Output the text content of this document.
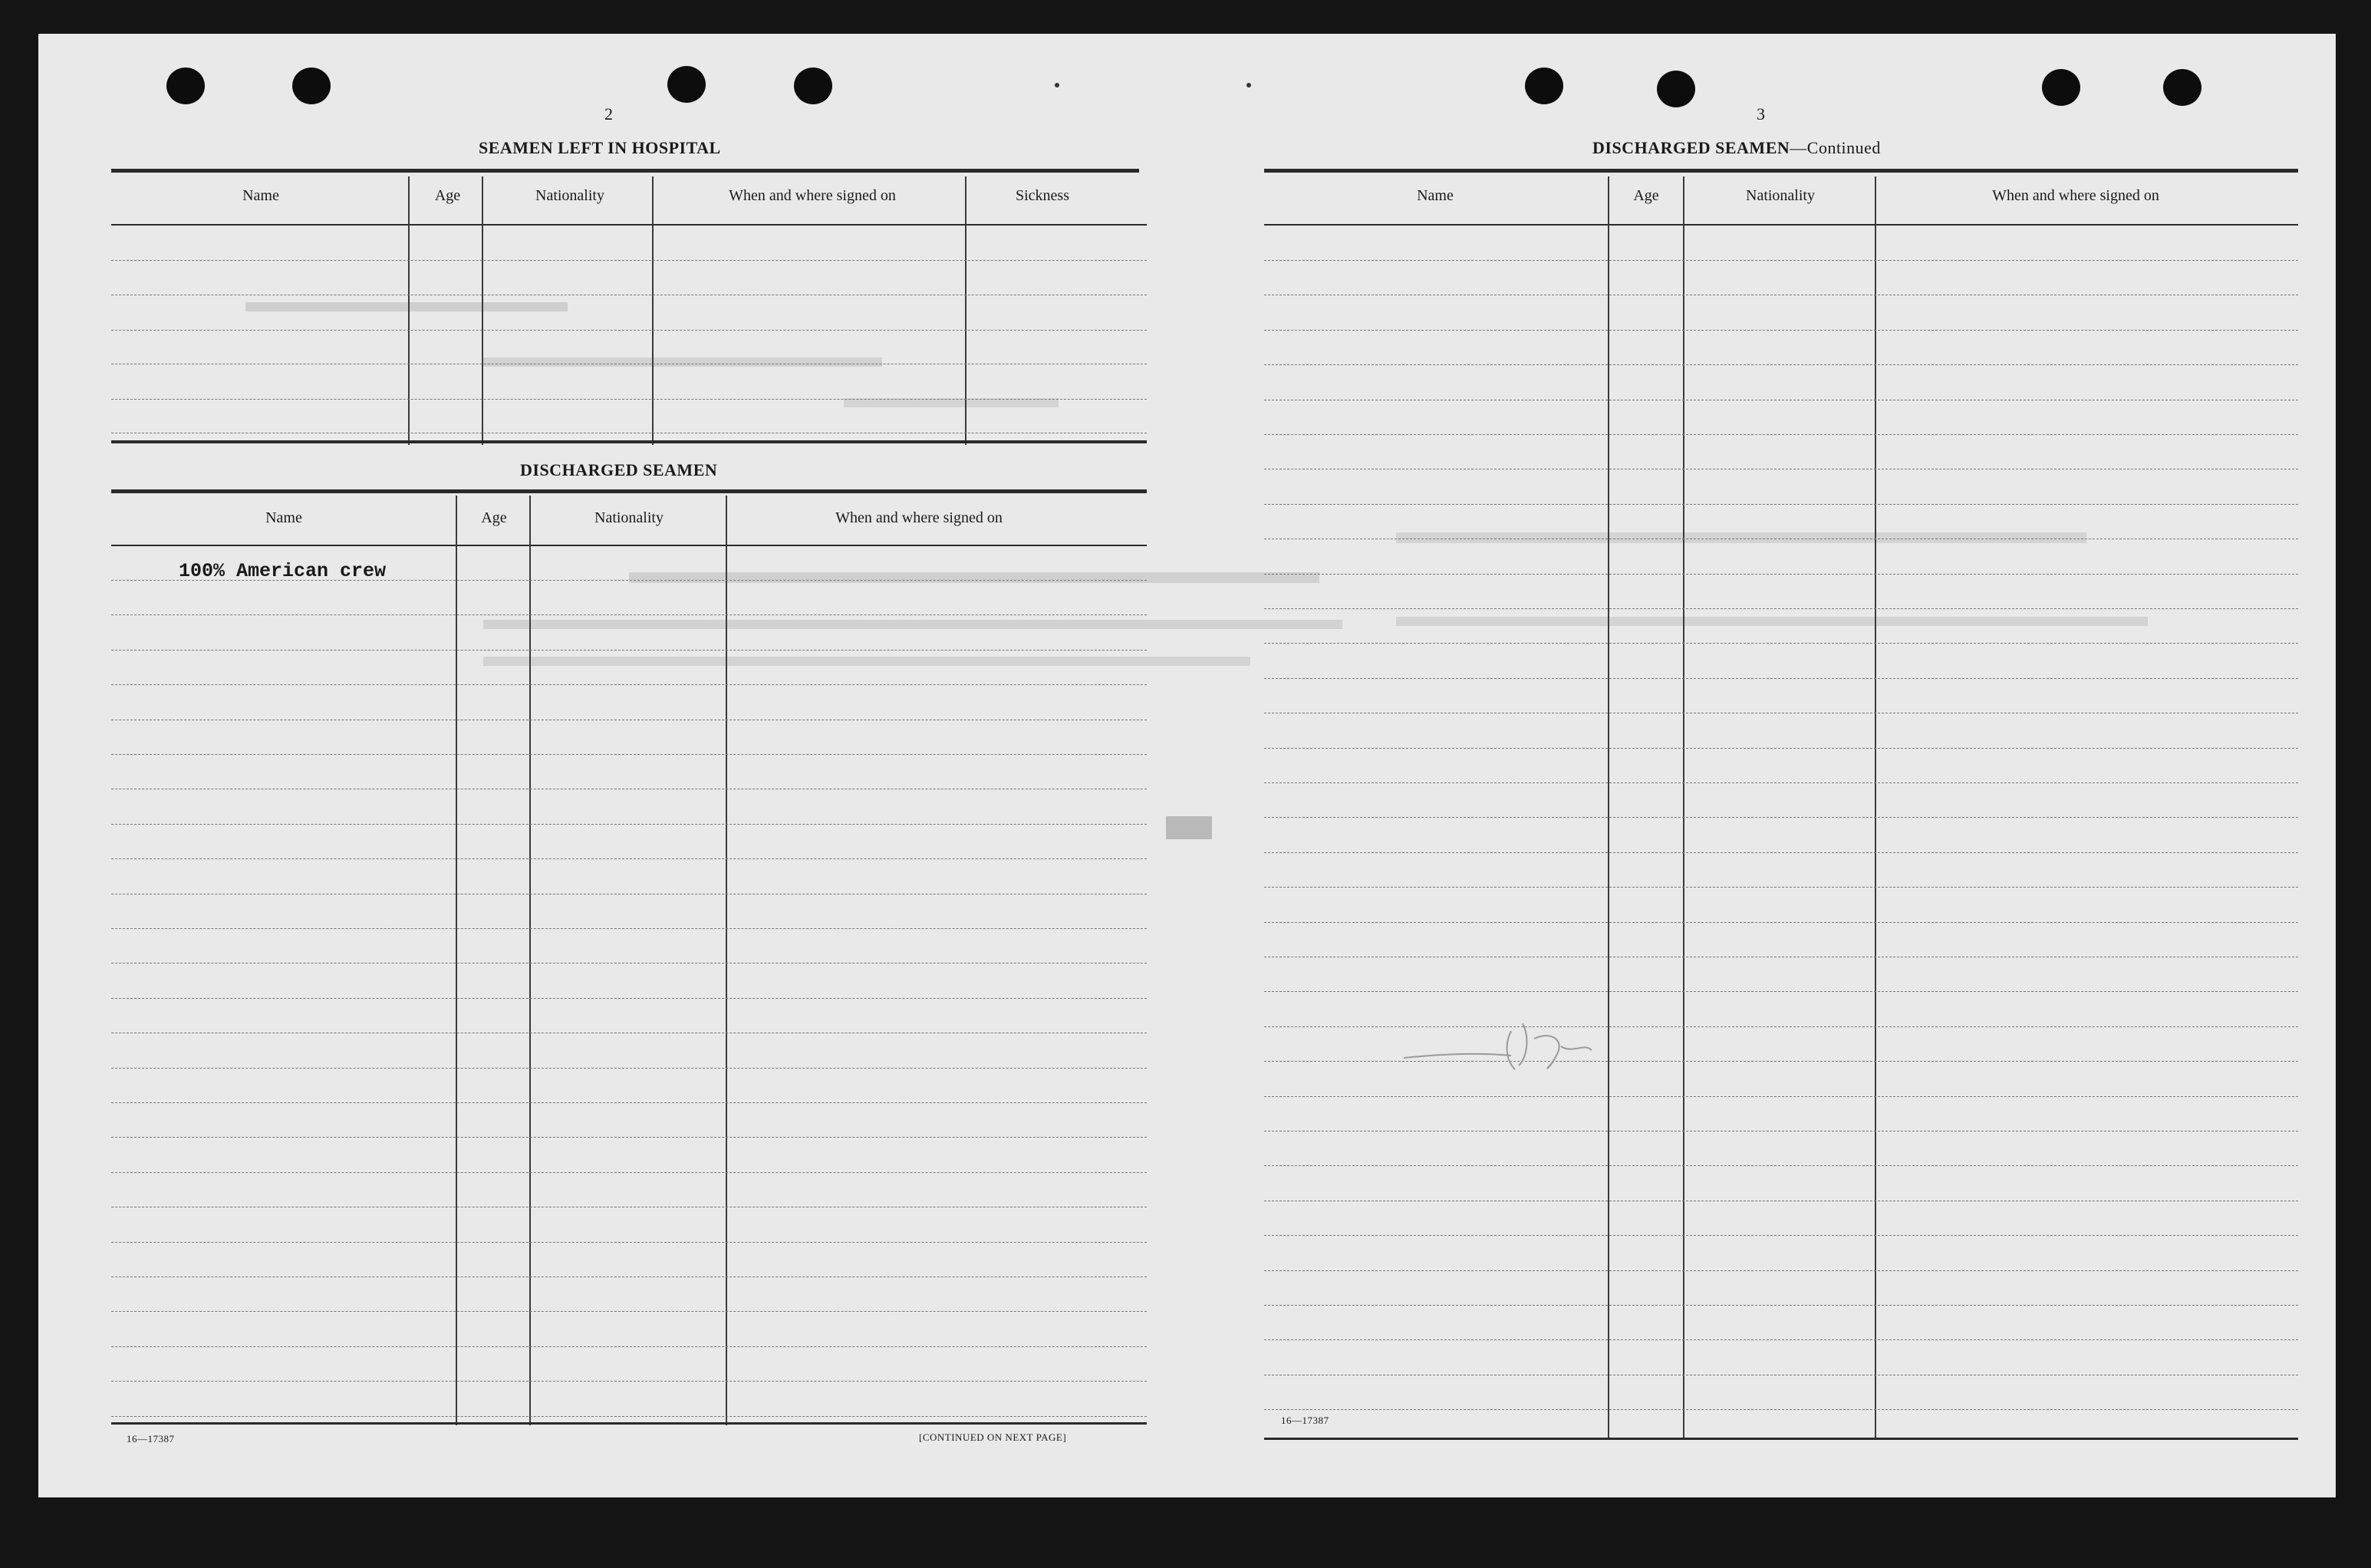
2
SEAMEN LEFT IN HOSPITAL
Name	Age	Nationality	When and where signed on	Sickness
DISCHARGED SEAMEN
Name	Age	Nationality	When and where signed on
100% American crew
16—17387	[CONTINUED ON NEXT PAGE]
3
DISCHARGED SEAMEN—Continued
Name	Age	Nationality	When and where signed on
16—17387
